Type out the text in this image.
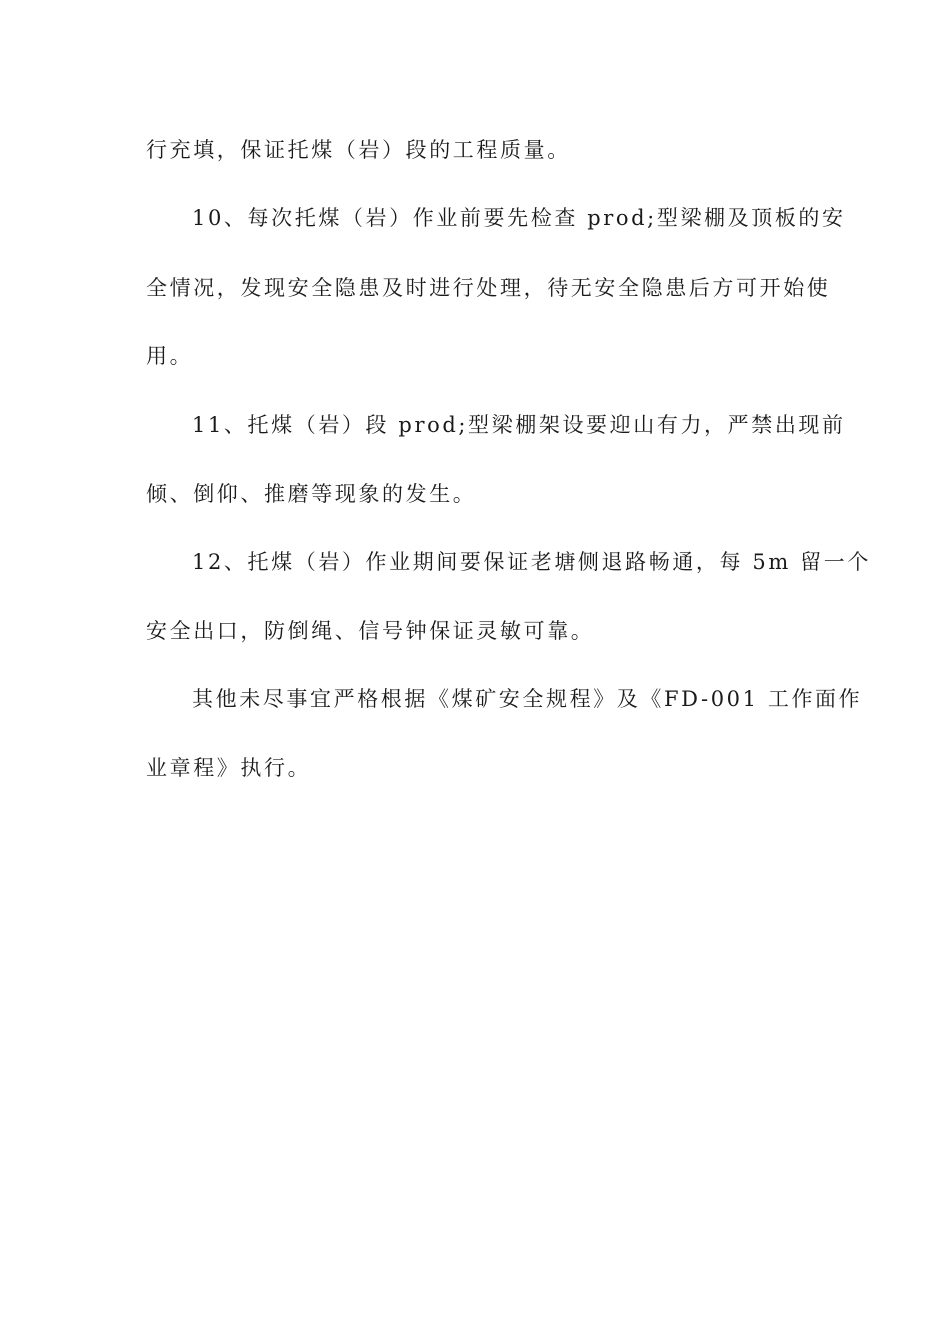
行充填，保证托煤（岩）段的工程质量。
10、每次托煤（岩）作业前要先检查 prod;型梁棚及顶板的安
全情况，发现安全隐患及时进行处理，待无安全隐患后方可开始使
用。
11、托煤（岩）段 prod;型梁棚架设要迎山有力，严禁出现前
倾、倒仰、推磨等现象的发生。
12、托煤（岩）作业期间要保证老塘侧退路畅通，每 5m 留一个
安全出口，防倒绳、信号钟保证灵敏可靠。
其他未尽事宜严格根据《煤矿安全规程》及《FD-001 工作面作
业章程》执行。
